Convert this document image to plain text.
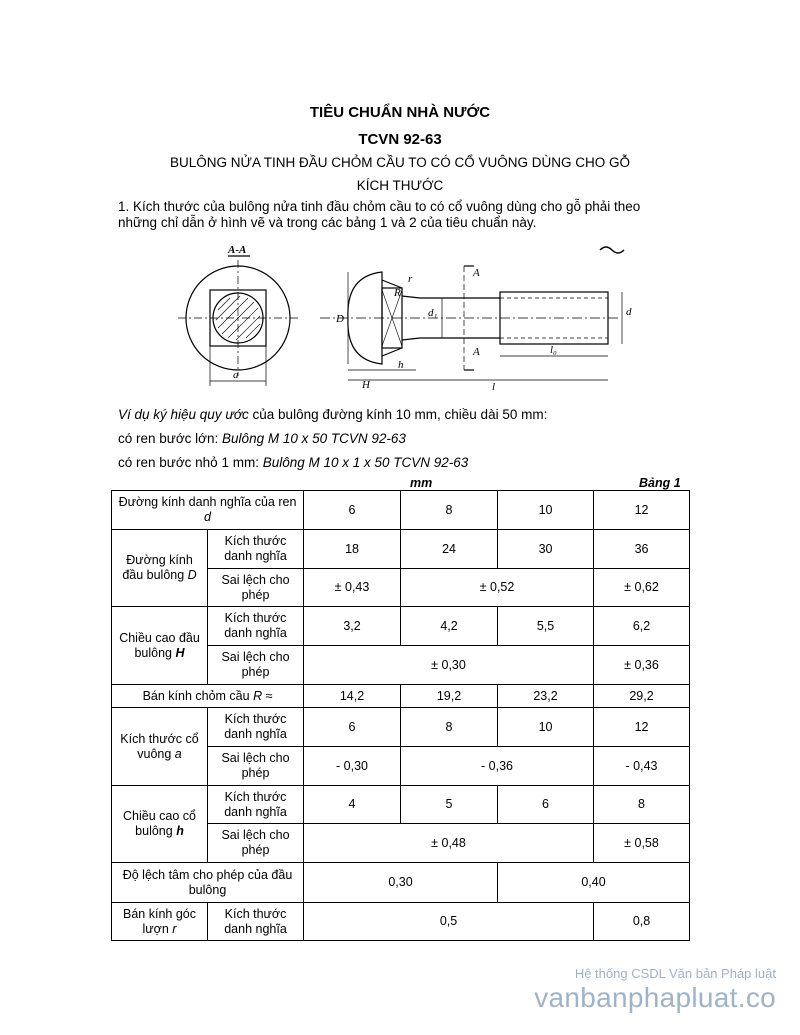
TIÊU CHUẨN NHÀ NƯỚC
TCVN 92-63
BULÔNG NỬA TINH ĐẦU CHỎM CẦU TO CÓ CỔ VUÔNG DÙNG CHO GỖ
KÍCH THƯỚC
1. Kích thước của bulông nửa tinh đầu chỏm cầu to có cổ vuông dùng cho gỗ phải theo những chỉ dẫn ở hình vẽ và trong các bảng 1 và 2 của tiêu chuẩn này.
A-A
a
A
A
D	d₁	d
r
R
H
h
l
l₀
Ví dụ ký hiệu quy ước của bulông đường kính 10 mm, chiều dài 50 mm:
có ren bước lớn: Bulông M 10 x 50 TCVN 92-63
có ren bước nhỏ 1 mm: Bulông M 10 x 1 x 50 TCVN 92-63
mm	Bảng 1
Đường kính danh nghĩa của ren d		6	8	10	12
Đường kính đầu bulông D	Kích thước danh nghĩa	18	24	30	36
	Sai lệch cho phép	± 0,43	± 0,52		± 0,62
Chiều cao đầu bulông H	Kích thước danh nghĩa	3,2	4,2	5,5	6,2
	Sai lệch cho phép	± 0,30			± 0,36
Bán kính chỏm cầu R ≈		14,2	19,2	23,2	29,2
Kích thước cổ vuông a	Kích thước danh nghĩa	6	8	10	12
	Sai lệch cho phép	- 0,30	- 0,36		- 0,43
Chiều cao cổ bulông h	Kích thước danh nghĩa	4	5	6	8
	Sai lệch cho phép	± 0,48			± 0,58
Độ lệch tâm cho phép của đầu bulông		0,30		0,40	
Bán kính góc lượn r	Kích thước danh nghĩa	0,5			0,8
Hệ thống CSDL Văn bản Pháp luật
vanbanphapluat.co
